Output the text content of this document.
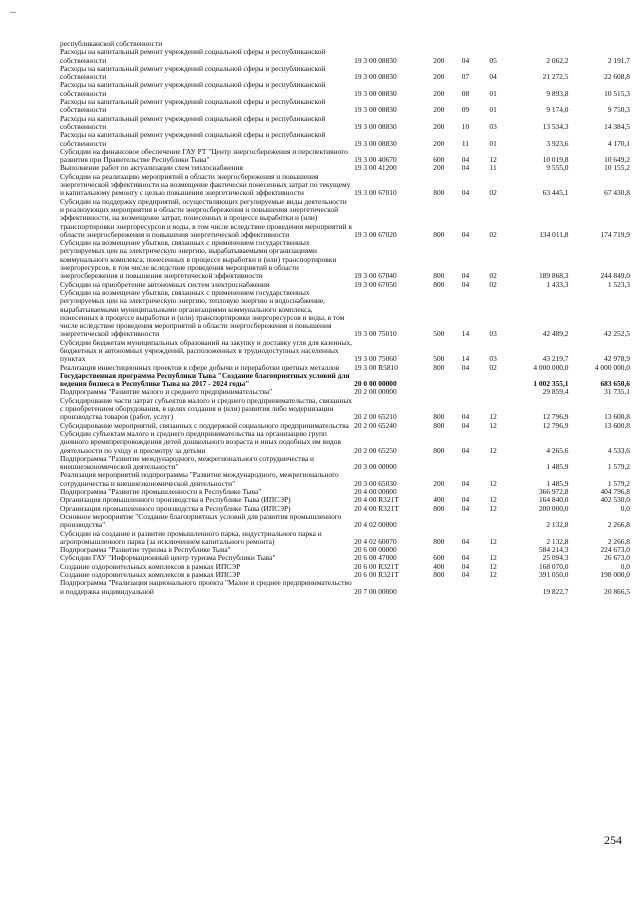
республиканской собственности						
Расходы на капитальный ремонт учреждений социальной сферы и республиканской собственности	19 3 00 08830	200	04	05	2 062,2	2 191,7
Расходы на капитальный ремонт учреждений социальной сферы и республиканской собственности	19 3 00 08830	200	07	04	21 272,5	22 608,8
Расходы на капитальный ремонт учреждений социальной сферы и республиканской собственности	19 3 00 08830	200	08	01	9 893,8	10 515,3
Расходы на капитальный ремонт учреждений социальной сферы и республиканской собственности	19 3 00 08830	200	09	01	9 174,0	9 750,3
Расходы на капитальный ремонт учреждений социальной сферы и республиканской собственности	19 3 00 08830	200	10	03	13 534,3	14 384,5
Расходы на капитальный ремонт учреждений социальной сферы и республиканской собственности	19 3 00 08830	200	11	01	3 923,6	4 170,1
Субсидии на финансовое обеспечение ГАУ РТ "Центр энергосбережения и перспективного развития при Правительстве Республики Тыва"	19 3 00 40670	600	04	12	10 019,8	10 649,2
Выполнение работ по актуализации схем теплоснабжения	19 3 00 41200	200	04	11	9 555,0	10 155,2
Субсидии на реализацию мероприятий в области энергосбережения и повышения энергетической эффективности на возмещение фактически понесенных затрат по текущему и капитальному ремонту с целью повышения энергетической эффективности	19 3 00 67010	800	04	02	63 445,1	67 430,8
Субсидии на поддержку предприятий, осуществляющих регулируемые виды деятельности и реализующих мероприятия в области энергосбережения и повышения энергетической эффективности, на возмещение затрат, понесенных в процессе выработки и (или) транспортировки энергоресурсов и воды, в том числе вследствие проведения мероприятий в области энергосбережения и повышения энергетической эффективности	19 3 00 67020	800	04	02	134 011,8	174 719,9
Субсидии на возмещение убытков, связанных с применением государственных регулируемых цен на электрическую энергию, вырабатываемыми организациями коммунального комплекса, понесенных в процессе выработки и (или) транспортировки энергоресурсов, в том числе вследствие проведения мероприятий в области энергосбережения и повышения энергетической эффективности	19 3 00 67040	800	04	02	189 868,3	244 849,0
Субсидии на приобретение автономных систем электроснабжения	19 3 00 67050	800	04	02	1 433,3	1 523,3
Субсидии на возмещение убытков, связанных с применением государственных регулируемых цен на электрическую энергию, тепловую энергию и водоснабжение, вырабатываемыми муниципальными организациями коммунального комплекса, понесенных в процессе выработки и (или) транспортировки энергоресурсов и воды, в том числе вследствие проведения мероприятий в области энергосбережения и повышения энергетической эффективности	19 3 00 75010	500	14	03	42 489,2	42 252,5
Субсидии бюджетам муниципальных образований на закупку и доставку угля для казенных, бюджетных и автономных учреждений, расположенных в труднодоступных населенных пунктах	19 3 00 75060	500	14	03	43 219,7	42 978,9
Реализация инвестиционных проектов в сфере добычи и переработки цветных металлов	19 3 00 R5810	800	04	02	4 000 000,0	4 000 000,0
Государственная программа Республики Тыва "Создание благоприятных условий для ведения бизнеса в Республике Тыва на 2017 - 2024 годы"	20 0 00 00000				1 002 355,1	683 650,6
Подпрограмма "Развитие малого и среднего предпринимательства"	20 2 00 00000				29 859,4	31 735,1
Субсидирование части затрат субъектов малого и среднего предпринимательства, связанных с приобретением оборудования, в целях создания и (или) развития либо модернизации производства товаров (работ, услуг)	20 2 00 65210	800	04	12	12 796,9	13 600,8
Субсидирование мероприятий, связанных с поддержкой социального предпринимательства	20 2 00 65240	800	04	12	12 796,9	13 600,8
Субсидии субъектам малого и среднего предпринимательства на организацию групп дневного времяпрепровождения детей дошкольного возраста и иных подобных им видов деятельности по уходу и присмотру за детьми	20 2 00 65250	800	04	12	4 265,6	4 533,6
Подпрограмма "Развитие международного, межрегионального сотрудничества и внешнеэкономической деятельности"	20 3 00 00000				1 485,9	1 579,2
Реализация мероприятий подпрограммы "Развитие международного, межрегионального сотрудничества и внешнеэкономической деятельности"	20 3 00 65030	200	04	12	1 485,9	1 579,2
Подпрограмма "Развитие промышленности в Республике Тыва"	20 4 00 00000				366 972,8	404 796,8
Организация промышленного производства в Республике Тыва (ИПСЭР)	20 4 00 R321T	400	04	12	164 840,0	402 530,0
Организация промышленного производства в Республике Тыва (ИПСЭР)	20 4 00 R321T	800	04	12	200 000,0	0,0
Основное мероприятие "Создание благоприятных условий для развития промышленного производства"	20 4 02 00000				2 132,8	2 266,8
Субсидии на создание и развитие промышленного парка, индустриального парка и агропромышленного парка (за исключением капитального ремонта)	20 4 02 60070	800	04	12	2 132,8	2 266,8
Подпрограмма "Развитие туризма в Республике Тыва"	20 6 00 00000				584 214,3	224 673,0
Субсидии ГАУ "Информационный центр туризма Республики Тыва"	20 6 00 47000	600	04	12	25 094,3	26 673,0
Создание оздоровительных комплексов в рамках ИПСЭР	20 6 00 R321T	400	04	12	168 070,0	0,0
Создание оздоровительных комплексов в рамках ИПСЭР	20 6 00 R321T	800	04	12	391 050,0	198 000,0
Подпрограмма "Реализация национального проекта "Малое и среднее предпринимательство и поддержка индивидуальной	20 7 00 00000				19 822,7	20 866,5
254
